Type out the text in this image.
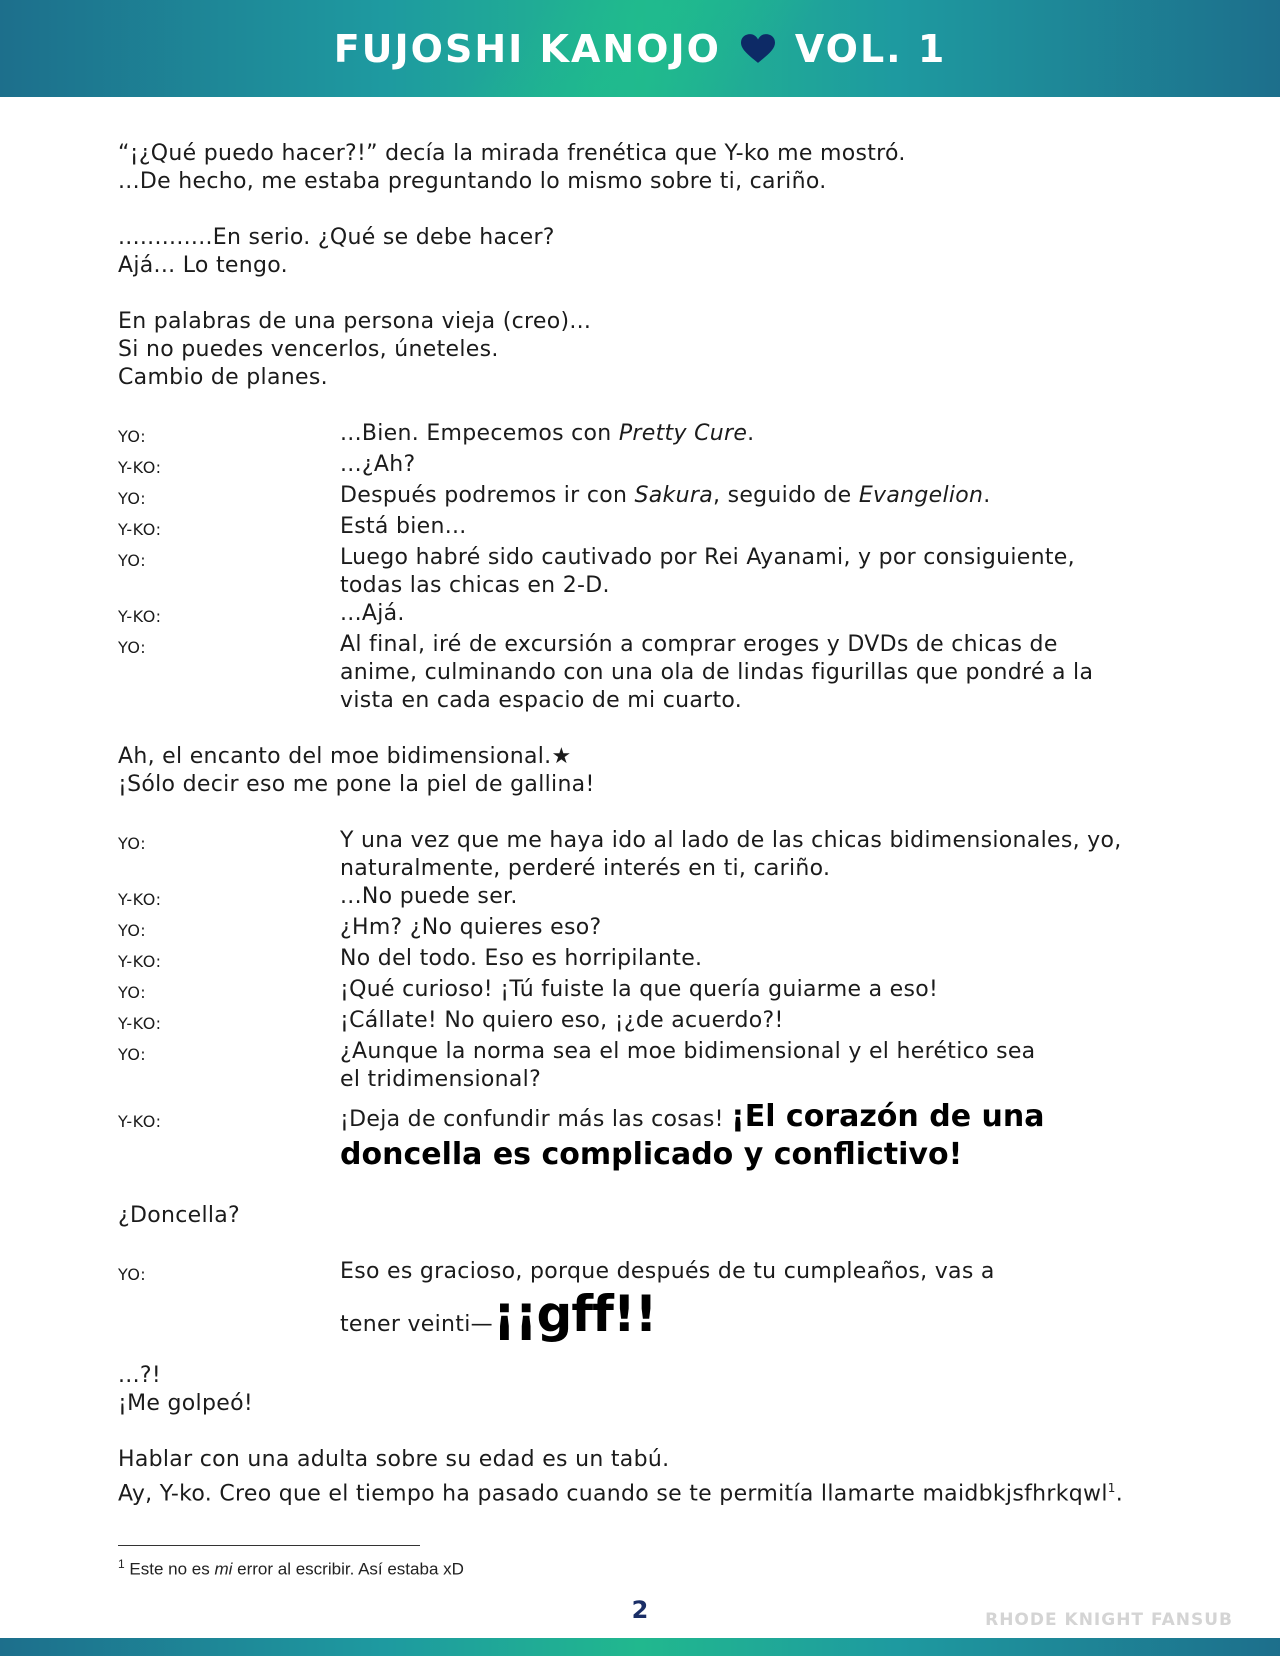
FUJOSHI KANOJO VOL. 1

“¡¿Qué puedo hacer?!” decía la mirada frenética que Y-ko me mostró.

...De hecho, me estaba preguntando lo mismo sobre ti, cariño.

.............En serio. ¿Qué se debe hacer?

Ajá... Lo tengo.

En palabras de una persona vieja (creo)...

Si no puedes vencerlos, úneteles.

Cambio de planes.

YO:	...Bien. Empecemos con Pretty Cure.
Y-KO:	...¿Ah?
YO:	Después podremos ir con Sakura, seguido de Evangelion.
Y-KO:	Está bien...
YO:	Luego habré sido cautivado por Rei Ayanami, y por consiguiente,
todas las chicas en 2-D.
Y-KO:	...Ajá.
YO:	Al final, iré de excursión a comprar eroges y DVDs de chicas de
anime, culminando con una ola de lindas figurillas que pondré a la
vista en cada espacio de mi cuarto.

Ah, el encanto del moe bidimensional.★

¡Sólo decir eso me pone la piel de gallina!

YO:	Y una vez que me haya ido al lado de las chicas bidimensionales, yo,
naturalmente, perderé interés en ti, cariño.
Y-KO:	...No puede ser.
YO:	¿Hm? ¿No quieres eso?
Y-KO:	No del todo. Eso es horripilante.
YO:	¡Qué curioso! ¡Tú fuiste la que quería guiarme a eso!
Y-KO:	¡Cállate! No quiero eso, ¡¿de acuerdo?!
YO:	¿Aunque la norma sea el moe bidimensional y el herético sea
el tridimensional?
Y-KO:	¡Deja de confundir más las cosas! ¡El corazón de una
doncella es complicado y conflictivo!

¿Doncella?

YO:	Eso es gracioso, porque después de tu cumpleaños, vas a
tener veinti—¡¡gff!!

...?!

¡Me golpeó!

Hablar con una adulta sobre su edad es un tabú.

Ay, Y-ko. Creo que el tiempo ha pasado cuando se te permitía llamarte maidbkjsfhrkqwl$^1$.

$^1$ Este no es mi error al escribir. Así estaba xD
2	RHODE KNIGHT FANSUB
